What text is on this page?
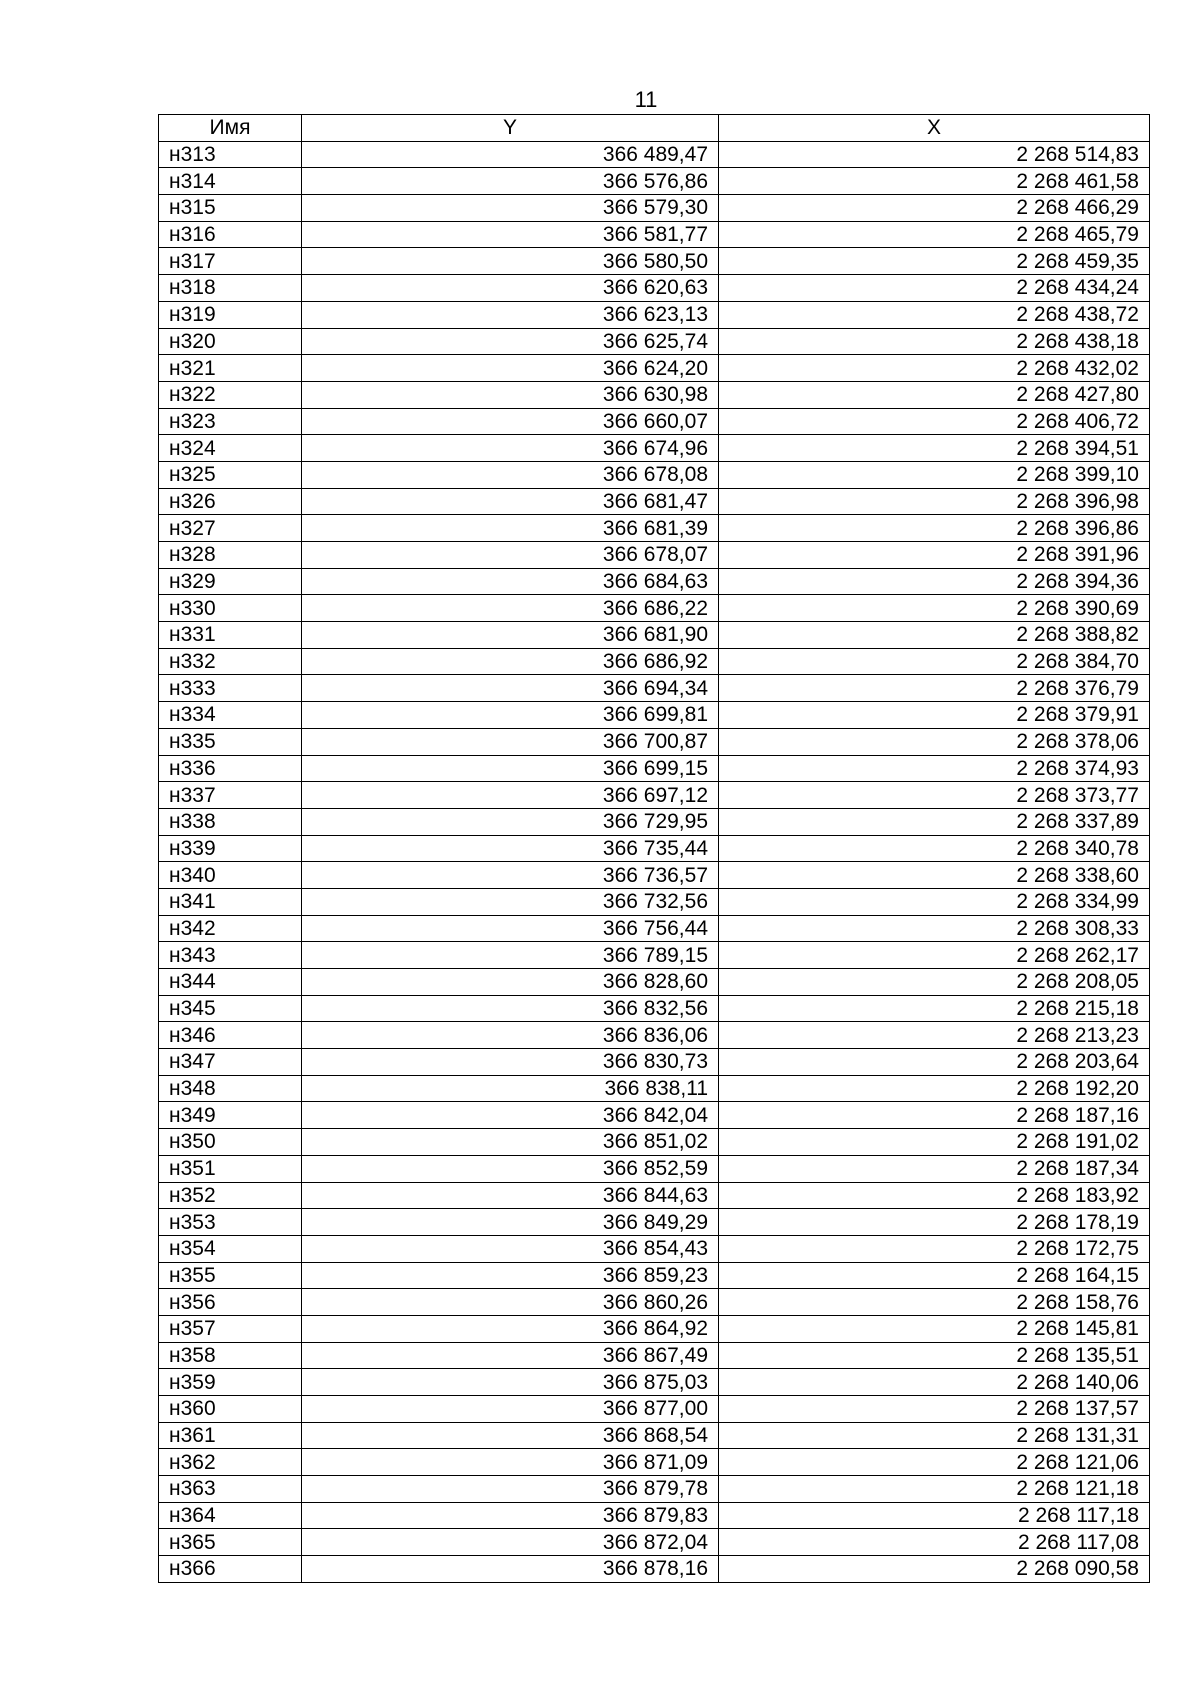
11
Имя	Y	X
н313	366 489,47	2 268 514,83
н314	366 576,86	2 268 461,58
н315	366 579,30	2 268 466,29
н316	366 581,77	2 268 465,79
н317	366 580,50	2 268 459,35
н318	366 620,63	2 268 434,24
н319	366 623,13	2 268 438,72
н320	366 625,74	2 268 438,18
н321	366 624,20	2 268 432,02
н322	366 630,98	2 268 427,80
н323	366 660,07	2 268 406,72
н324	366 674,96	2 268 394,51
н325	366 678,08	2 268 399,10
н326	366 681,47	2 268 396,98
н327	366 681,39	2 268 396,86
н328	366 678,07	2 268 391,96
н329	366 684,63	2 268 394,36
н330	366 686,22	2 268 390,69
н331	366 681,90	2 268 388,82
н332	366 686,92	2 268 384,70
н333	366 694,34	2 268 376,79
н334	366 699,81	2 268 379,91
н335	366 700,87	2 268 378,06
н336	366 699,15	2 268 374,93
н337	366 697,12	2 268 373,77
н338	366 729,95	2 268 337,89
н339	366 735,44	2 268 340,78
н340	366 736,57	2 268 338,60
н341	366 732,56	2 268 334,99
н342	366 756,44	2 268 308,33
н343	366 789,15	2 268 262,17
н344	366 828,60	2 268 208,05
н345	366 832,56	2 268 215,18
н346	366 836,06	2 268 213,23
н347	366 830,73	2 268 203,64
н348	366 838,11	2 268 192,20
н349	366 842,04	2 268 187,16
н350	366 851,02	2 268 191,02
н351	366 852,59	2 268 187,34
н352	366 844,63	2 268 183,92
н353	366 849,29	2 268 178,19
н354	366 854,43	2 268 172,75
н355	366 859,23	2 268 164,15
н356	366 860,26	2 268 158,76
н357	366 864,92	2 268 145,81
н358	366 867,49	2 268 135,51
н359	366 875,03	2 268 140,06
н360	366 877,00	2 268 137,57
н361	366 868,54	2 268 131,31
н362	366 871,09	2 268 121,06
н363	366 879,78	2 268 121,18
н364	366 879,83	2 268 117,18
н365	366 872,04	2 268 117,08
н366	366 878,16	2 268 090,58
